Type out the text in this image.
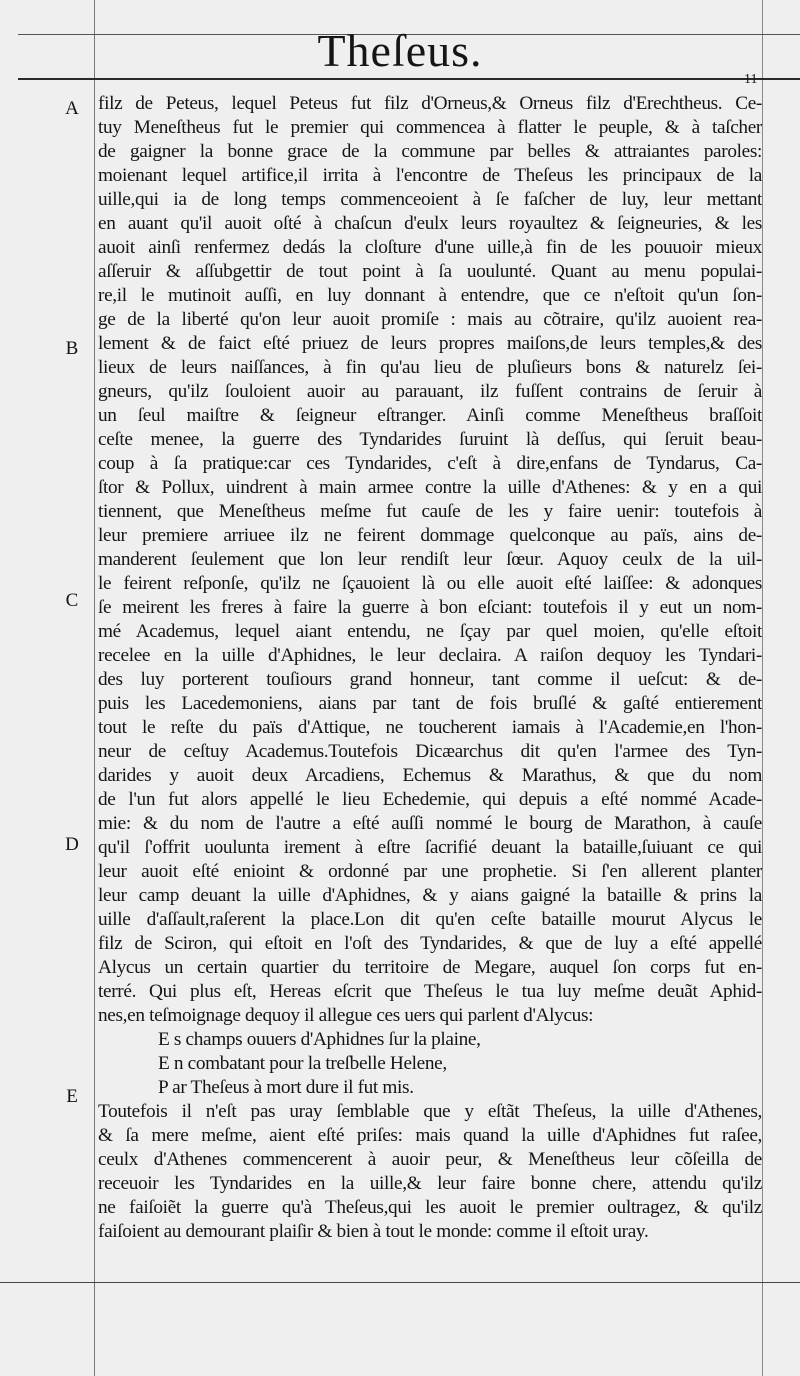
Theſeus.
11
A
B
C
D
E
filz de Peteus, lequel Peteus fut filz d'Orneus,& Orneus filz d'Erechtheus. Ce-
tuy Meneſtheus fut le premier qui commencea à flatter le peuple, & à taſcher
de gaigner la bonne grace de la commune par belles & attraiantes paroles:
moienant lequel artifice,il irrita à l'encontre de Theſeus les principaux de la
uille,qui ia de long temps commenceoient à ſe faſcher de luy, leur mettant
en auant qu'il auoit oſté à chaſcun d'eulx leurs royaultez & ſeigneuries, & les
auoit ainſi renfermez dedás la cloſture d'une uille,à fin de les pouuoir mieux
aſſeruir & aſſubgettir de tout point à ſa uoulunté. Quant au menu populai-
re,il le mutinoit auſſi, en luy donnant à entendre, que ce n'eſtoit qu'un ſon-
ge de la liberté qu'on leur auoit promiſe : mais au cõtraire, qu'ilz auoient rea-
lement & de faict eſté priuez de leurs propres maiſons,de leurs temples,& des
lieux de leurs naiſſances, à fin qu'au lieu de pluſieurs bons & naturelz ſei-
gneurs, qu'ilz ſouloient auoir au parauant, ilz fuſſent contrains de ſeruir à
un ſeul maiſtre & ſeigneur eſtranger. Ainſi comme Meneſtheus braſſoit
ceſte menee, la guerre des Tyndarides ſuruint là deſſus, qui ſeruit beau-
coup à ſa pratique:car ces Tyndarides, c'eſt à dire,enfans de Tyndarus, Ca-
ſtor & Pollux, uindrent à main armee contre la uille d'Athenes: & y en a qui
tiennent, que Meneſtheus meſme fut cauſe de les y faire uenir: toutefois à
leur premiere arriuee ilz ne feirent dommage quelconque au païs, ains de-
manderent ſeulement que lon leur rendiſt leur ſœur. Aquoy ceulx de la uil-
le feirent reſponſe, qu'ilz ne ſçauoient là ou elle auoit eſté laiſſee: & adonques
ſe meirent les freres à faire la guerre à bon eſciant: toutefois il y eut un nom-
mé Academus, lequel aiant entendu, ne ſçay par quel moien, qu'elle eſtoit
recelee en la uille d'Aphidnes, le leur declaira. A raiſon dequoy les Tyndari-
des luy porterent touſiours grand honneur, tant comme il ueſcut: & de-
puis les Lacedemoniens, aians par tant de fois bruſlé & gaſté entierement
tout le reſte du païs d'Attique, ne toucherent iamais à l'Academie,en l'hon-
neur de ceſtuy Academus.Toutefois Dicæarchus dit qu'en l'armee des Tyn-
darides y auoit deux Arcadiens, Echemus & Marathus, & que du nom
de l'un fut alors appellé le lieu Echedemie, qui depuis a eſté nommé Acade-
mie: & du nom de l'autre a eſté auſſi nommé le bourg de Marathon, à cauſe
qu'il ſ'offrit uoulunta irement à eſtre ſacrifié deuant la bataille,ſuiuant ce qui
leur auoit eſté enioint & ordonné par une prophetie. Si ſ'en allerent planter
leur camp deuant la uille d'Aphidnes, & y aians gaigné la bataille & prins la
uille d'aſſault,raſerent la place.Lon dit qu'en ceſte bataille mourut Alycus le
filz de Sciron, qui eſtoit en l'oſt des Tyndarides, & que de luy a eſté appellé
Alycus un certain quartier du territoire de Megare, auquel ſon corps fut en-
terré. Qui plus eſt, Hereas eſcrit que Theſeus le tua luy meſme deuãt Aphid-
nes,en teſmoignage dequoy il allegue ces uers qui parlent d'Alycus:
E s champs ouuers d'Aphidnes ſur la plaine,
E n combatant pour la treſbelle Helene,
P ar Theſeus à mort dure il fut mis.
Toutefois il n'eſt pas uray ſemblable que y eſtãt Theſeus, la uille d'Athenes,
& ſa mere meſme, aient eſté priſes: mais quand la uille d'Aphidnes fut raſee,
ceulx d'Athenes commencerent à auoir peur, & Meneſtheus leur cõſeilla de
receuoir les Tyndarides en la uille,& leur faire bonne chere, attendu qu'ilz
ne faiſoiẽt la guerre qu'à Theſeus,qui les auoit le premier oultragez, & qu'ilz
faiſoient au demourant plaiſir & bien à tout le monde: comme il eſtoit uray.
